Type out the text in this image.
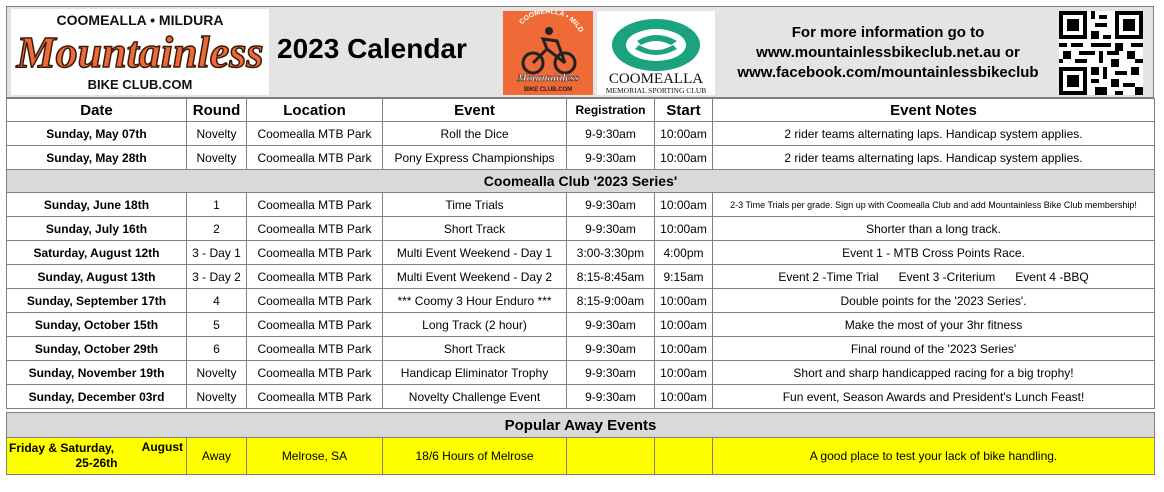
COOMEALLA • MILDURA
Mountainless
BIKE CLUB.COM
2023 Calendar
COOMEALLA • MILD
Mountainless
BIKE CLUB.COM
COOMEALLA
MEMORIAL SPORTING CLUB
For more information go to
www.mountainlessbikeclub.net.au or
www.facebook.com/mountainlessbikeclub
Date	Round	Location	Event	Registration	Start	Event Notes
Sunday, May 07th	Novelty	Coomealla MTB Park	Roll the Dice	9-9:30am	10:00am	2 rider teams alternating laps. Handicap system applies.
Sunday, May 28th	Novelty	Coomealla MTB Park	Pony Express Championships	9-9:30am	10:00am	2 rider teams alternating laps. Handicap system applies.
Coomealla Club '2023 Series'						
Sunday, June 18th	1	Coomealla MTB Park	Time Trials	9-9:30am	10:00am	2-3 Time Trials per grade. Sign up with Coomealla Club and add Mountainless Bike Club membership!
Sunday, July 16th	2	Coomealla MTB Park	Short Track	9-9:30am	10:00am	Shorter than a long track.
Saturday, August 12th	3 - Day 1	Coomealla MTB Park	Multi Event Weekend - Day 1	3:00-3:30pm	4:00pm	Event 1 - MTB Cross Points Race.
Sunday, August 13th	3 - Day 2	Coomealla MTB Park	Multi Event Weekend - Day 2	8:15-8:45am	9:15am	Event 2 -Time Trial      Event 3 -Criterium      Event 4 -BBQ
Sunday, September 17th	4	Coomealla MTB Park	*** Coomy 3 Hour Enduro ***	8:15-9:00am	10:00am	Double points for the '2023 Series'.
Sunday, October 15th	5	Coomealla MTB Park	Long Track (2 hour)	9-9:30am	10:00am	Make the most of your 3hr fitness
Sunday, October 29th	6	Coomealla MTB Park	Short Track	9-9:30am	10:00am	Final round of the '2023 Series'
Sunday, November 19th	Novelty	Coomealla MTB Park	Handicap Eliminator Trophy	9-9:30am	10:00am	Short and sharp handicapped racing for a big trophy!
Sunday, December 03rd	Novelty	Coomealla MTB Park	Novelty Challenge Event	9-9:30am	10:00am	Fun event, Season Awards and President's Lunch Feast!
Popular Away Events
Friday & Saturday, August

25-26th	Away	Melrose, SA	18/6 Hours of Melrose			A good place to test your lack of bike handling.
